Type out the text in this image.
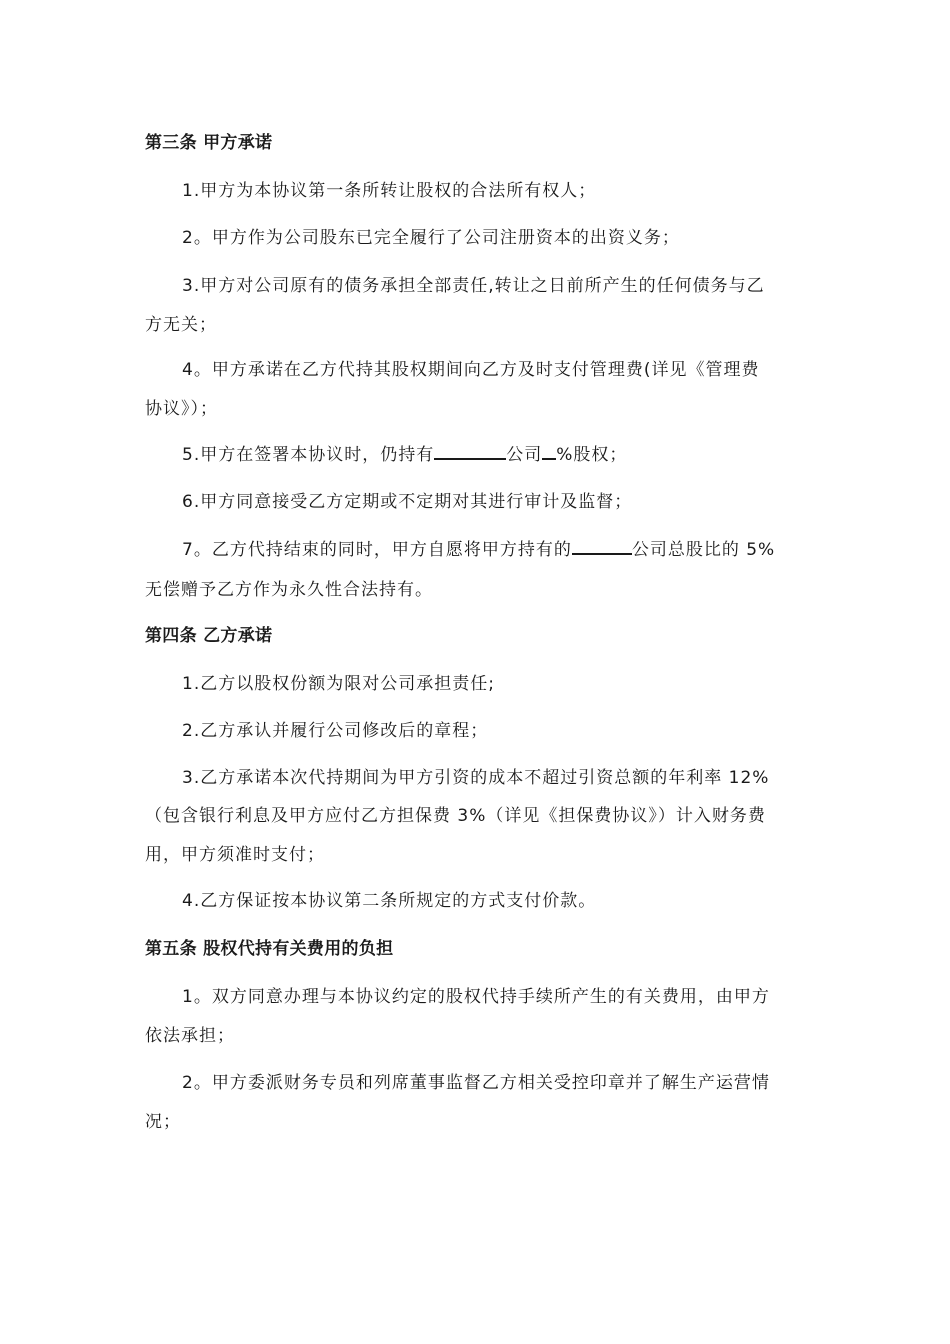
第三条 甲方承诺
1.甲方为本协议第一条所转让股权的合法所有权人；
2。甲方作为公司股东已完全履行了公司注册资本的出资义务；
3.甲方对公司原有的债务承担全部责任,转让之日前所产生的任何债务与乙
方无关；
4。甲方承诺在乙方代持其股权期间向乙方及时支付管理费(详见《管理费
协议》）；
5.甲方在签署本协议时，仍持有	公司 %股权；
6.甲方同意接受乙方定期或不定期对其进行审计及监督；
7。乙方代持结束的同时，甲方自愿将甲方持有的	公司总股比的 5%
无偿赠予乙方作为永久性合法持有。
第四条 乙方承诺
1.乙方以股权份额为限对公司承担责任;
2.乙方承认并履行公司修改后的章程；
3.乙方承诺本次代持期间为甲方引资的成本不超过引资总额的年利率 12%
（包含银行利息及甲方应付乙方担保费 3%（详见《担保费协议》）计入财务费
用，甲方须准时支付；
4.乙方保证按本协议第二条所规定的方式支付价款。
第五条 股权代持有关费用的负担
1。双方同意办理与本协议约定的股权代持手续所产生的有关费用，由甲方
依法承担；
2。甲方委派财务专员和列席董事监督乙方相关受控印章并了解生产运营情
况；
